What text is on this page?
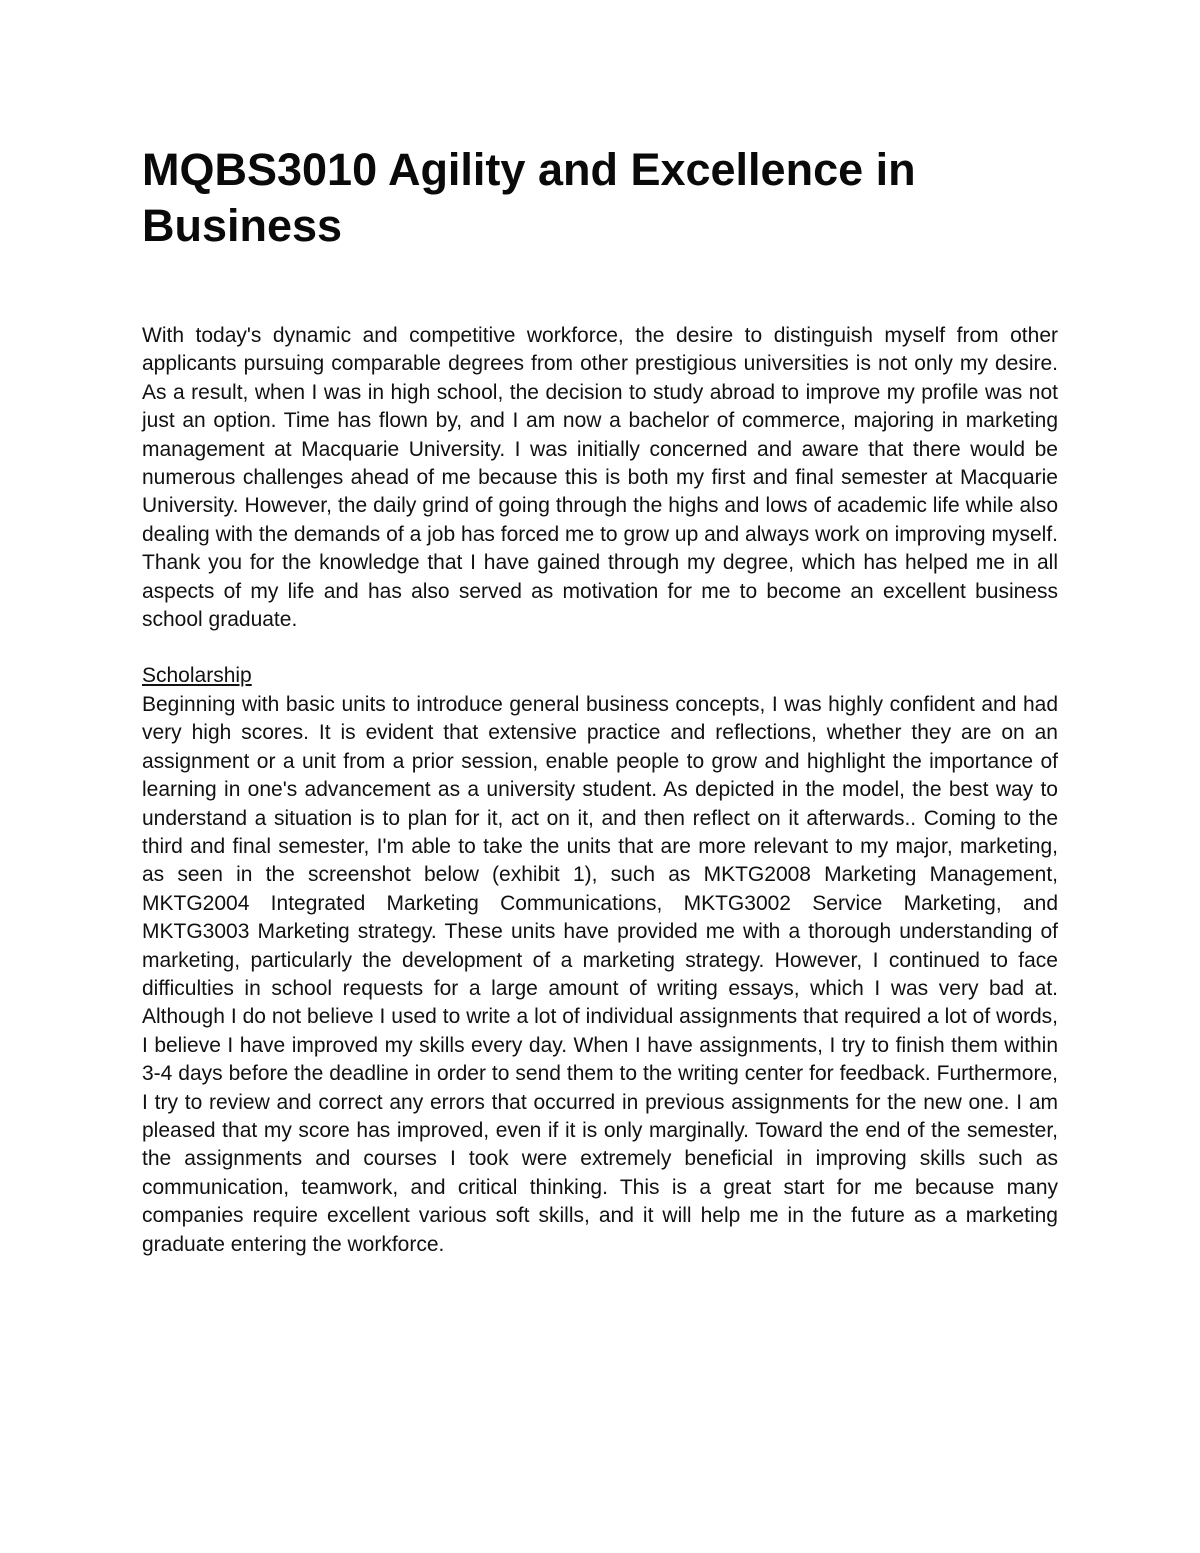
MQBS3010 Agility and Excellence in Business

With today's dynamic and competitive workforce, the desire to distinguish myself from other applicants pursuing comparable degrees from other prestigious universities is not only my desire. As a result, when I was in high school, the decision to study abroad to improve my profile was not just an option. Time has flown by, and I am now a bachelor of commerce, majoring in marketing management at Macquarie University. I was initially concerned and aware that there would be numerous challenges ahead of me because this is both my first and final semester at Macquarie University. However, the daily grind of going through the highs and lows of academic life while also dealing with the demands of a job has forced me to grow up and always work on improving myself. Thank you for the knowledge that I have gained through my degree, which has helped me in all aspects of my life and has also served as motivation for me to become an excellent business school graduate.

Scholarship

Beginning with basic units to introduce general business concepts, I was highly confident and had very high scores. It is evident that extensive practice and reflections, whether they are on an assignment or a unit from a prior session, enable people to grow and highlight the importance of learning in one's advancement as a university student. As depicted in the model, the best way to understand a situation is to plan for it, act on it, and then reflect on it afterwards.. Coming to the third and final semester, I'm able to take the units that are more relevant to my major, marketing, as seen in the screenshot below (exhibit 1), such as MKTG2008 Marketing Management, MKTG2004 Integrated Marketing Communications, MKTG3002 Service Marketing, and MKTG3003 Marketing strategy. These units have provided me with a thorough understanding of marketing, particularly the development of a marketing strategy. However, I continued to face difficulties in school requests for a large amount of writing essays, which I was very bad at. Although I do not believe I used to write a lot of individual assignments that required a lot of words, I believe I have improved my skills every day. When I have assignments, I try to finish them within 3-4 days before the deadline in order to send them to the writing center for feedback. Furthermore, I try to review and correct any errors that occurred in previous assignments for the new one. I am pleased that my score has improved, even if it is only marginally. Toward the end of the semester, the assignments and courses I took were extremely beneficial in improving skills such as communication, teamwork, and critical thinking. This is a great start for me because many companies require excellent various soft skills, and it will help me in the future as a marketing graduate entering the workforce.
